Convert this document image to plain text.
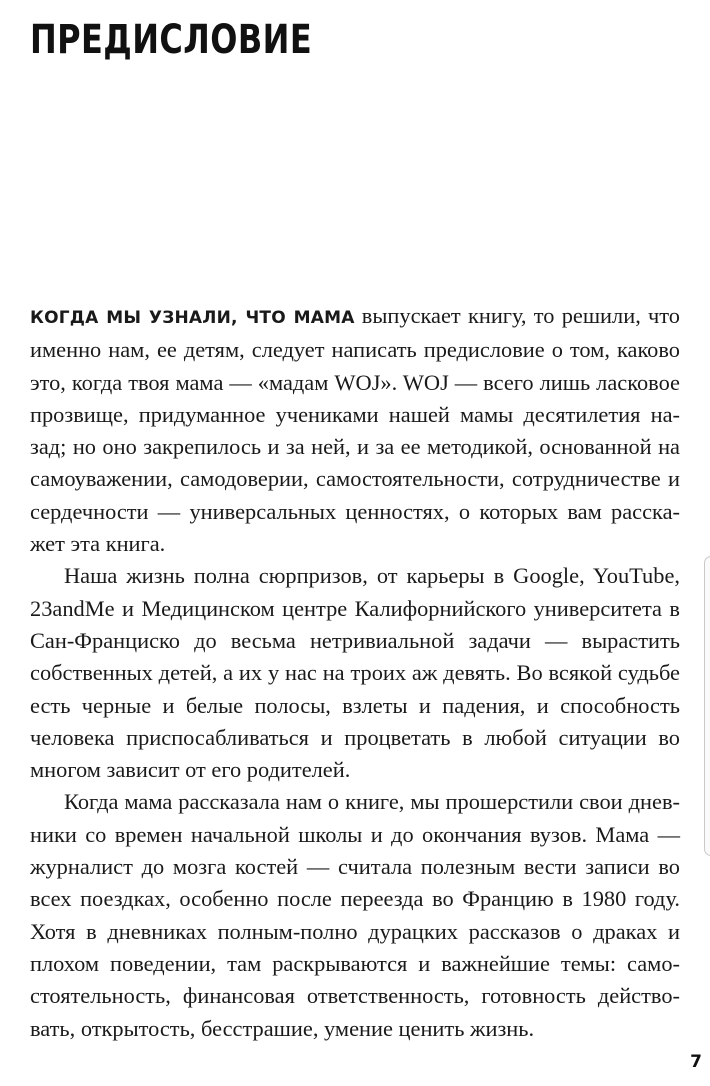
ПРЕДИСЛОВИЕ

КОГДА МЫ УЗНАЛИ, ЧТО МАМА выпускает книгу, то решили, что именно нам, ее детям, следует написать предисловие о том, каково это, когда твоя мама — «мадам WOJ». WOJ — всего лишь ласковое прозвище, придуманное учениками нашей мамы десятилетия назад; но оно закрепилось и за ней, и за ее методикой, основанной на самоуважении, самодоверии, самостоятельности, сотрудничестве и сердечности — универсальных ценностях, о которых вам расскажет эта книга.

Наша жизнь полна сюрпризов, от карьеры в Google, YouTube, 23andMe и Медицинском центре Калифорнийского университета в Сан-Франциско до весьма нетривиальной задачи — вырастить собственных детей, а их у нас на троих аж девять. Во всякой судьбе есть черные и белые полосы, взлеты и падения, и способность человека приспосабливаться и процветать в любой ситуации во многом зависит от его родителей.

Когда мама рассказала нам о книге, мы прошерстили свои дневники со времен начальной школы и до окончания вузов. Мама — журналист до мозга костей — считала полезным вести записи во всех поездках, особенно после переезда во Францию в 1980 году. Хотя в дневниках полным-полно дурацких рассказов о драках и плохом поведении, там раскрываются и важнейшие темы: самостоятельность, финансовая ответственность, готовность действовать, открытость, бесстрашие, умение ценить жизнь.

7
